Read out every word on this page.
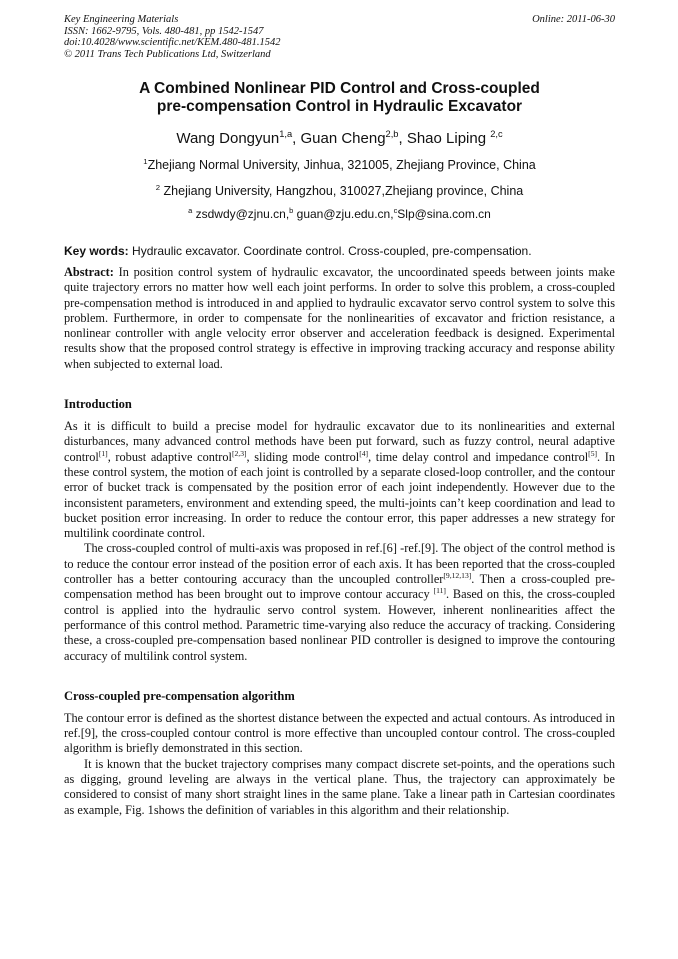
Key Engineering Materials
ISSN: 1662-9795, Vols. 480-481, pp 1542-1547
doi:10.4028/www.scientific.net/KEM.480-481.1542
© 2011 Trans Tech Publications Ltd, Switzerland
Online: 2011-06-30
A Combined Nonlinear PID Control and Cross-coupled
pre-compensation Control in Hydraulic Excavator
Wang Dongyun$^{1,a}$, Guan Cheng$^{2,b}$, Shao Liping $^{2,c}$
$^1$Zhejiang Normal University, Jinhua, 321005, Zhejiang Province, China
$^2$ Zhejiang University, Hangzhou, 310027,Zhejiang province, China
$^a$ zsdwdy@zjnu.cn,$^b$ guan@zju.edu.cn,$^c$Slp@sina.com.cn
Key words: Hydraulic excavator. Coordinate control. Cross-coupled, pre-compensation.

Abstract: In position control system of hydraulic excavator, the uncoordinated speeds between joints make quite trajectory errors no matter how well each joint performs. In order to solve this problem, a cross-coupled pre-compensation method is introduced in and applied to hydraulic excavator servo control system to solve this problem. Furthermore, in order to compensate for the nonlinearities of excavator and friction resistance, a nonlinear controller with angle velocity error observer and acceleration feedback is designed. Experimental results show that the proposed control strategy is effective in improving tracking accuracy and response ability when subjected to external load.

Introduction

As it is difficult to build a precise model for hydraulic excavator due to its nonlinearities and external disturbances, many advanced control methods have been put forward, such as fuzzy control, neural adaptive control[1], robust adaptive control[2,3], sliding mode control[4], time delay control and impedance control[5]. In these control system, the motion of each joint is controlled by a separate closed-loop controller, and the contour error of bucket track is compensated by the position error of each joint independently. However due to the inconsistent parameters, environment and extending speed, the multi-joints can’t keep coordination and lead to bucket position error increasing. In order to reduce the contour error, this paper addresses a new strategy for multilink coordinate control.

The cross-coupled control of multi-axis was proposed in ref.[6] -ref.[9]. The object of the control method is to reduce the contour error instead of the position error of each axis. It has been reported that the cross-coupled controller has a better contouring accuracy than the uncoupled controller[9,12,13]. Then a cross-coupled pre-compensation method has been brought out to improve contour accuracy [11]. Based on this, the cross-coupled control is applied into the hydraulic servo control system. However, inherent nonlinearities affect the performance of this control method. Parametric time-varying also reduce the accuracy of tracking. Considering these, a cross-coupled pre-compensation based nonlinear PID controller is designed to improve the contouring accuracy of multilink control system.

Cross-coupled pre-compensation algorithm

The contour error is defined as the shortest distance between the expected and actual contours. As introduced in ref.[9], the cross-coupled contour control is more effective than uncoupled contour control. The cross-coupled algorithm is briefly demonstrated in this section.

It is known that the bucket trajectory comprises many compact discrete set-points, and the operations such as digging, ground leveling are always in the vertical plane. Thus, the trajectory can approximately be considered to consist of many short straight lines in the same plane. Take a linear path in Cartesian coordinates as example, Fig. 1shows the definition of variables in this algorithm and their relationship.
